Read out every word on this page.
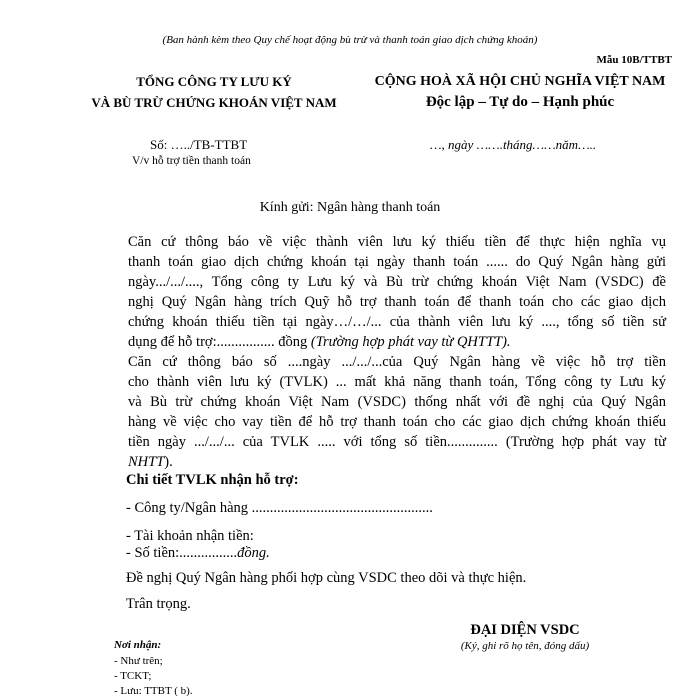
(Ban hành kèm theo Quy chế hoạt động bù trừ và thanh toán giao dịch chứng khoán)
Mẫu 10B/TTBT
TỔNG CÔNG TY LƯU KÝ
VÀ BÙ TRỪ CHỨNG KHOÁN VIỆT NAM
CỘNG HOÀ XÃ HỘI CHỦ NGHĨA VIỆT NAM
Độc lập – Tự do – Hạnh phúc
Số: …../TB-TTBT
V/v hỗ trợ tiền thanh toán
…, ngày …….tháng……năm…..
Kính gửi: Ngân hàng thanh toán
Căn cứ thông báo về việc thành viên lưu ký thiếu tiền để thực hiện nghĩa vụ
thanh toán giao dịch chứng khoán tại ngày thanh toán ...... do Quý Ngân hàng gửi
ngày.../.../...., Tổng công ty Lưu ký và Bù trừ chứng khoán Việt Nam (VSDC) đề
nghị Quý Ngân hàng trích Quỹ hỗ trợ thanh toán để thanh toán cho các giao dịch
chứng khoán thiếu tiền tại ngày…/…/... của thành viên lưu ký ...., tổng số tiền sử
dụng để hỗ trợ:................ đồng (Trường hợp phát vay từ QHTTT).
Căn cứ thông báo số ....ngày .../.../...của Quý Ngân hàng về việc hỗ trợ tiền
cho thành viên lưu ký (TVLK) ... mất khả năng thanh toán, Tổng công ty Lưu ký
và Bù trừ chứng khoán Việt Nam (VSDC) thống nhất với đề nghị của Quý Ngân
hàng về việc cho vay tiền để hỗ trợ thanh toán cho các giao dịch chứng khoán thiếu
tiền ngày .../.../... của TVLK ..... với tổng số tiền.............. (Trường hợp phát vay từ
NHTT).
Chi tiết TVLK nhận hỗ trợ:
- Công ty/Ngân hàng ..................................................
- Tài khoản nhận tiền:
- Số tiền:................đồng.
Đề nghị Quý Ngân hàng phối hợp cùng VSDC theo dõi và thực hiện.
Trân trọng.
ĐẠI DIỆN VSDC
(Ký, ghi rõ họ tên, đóng dấu)
Nơi nhận:
- Như trên;
- TCKT;
- Lưu: TTBT ( b).
